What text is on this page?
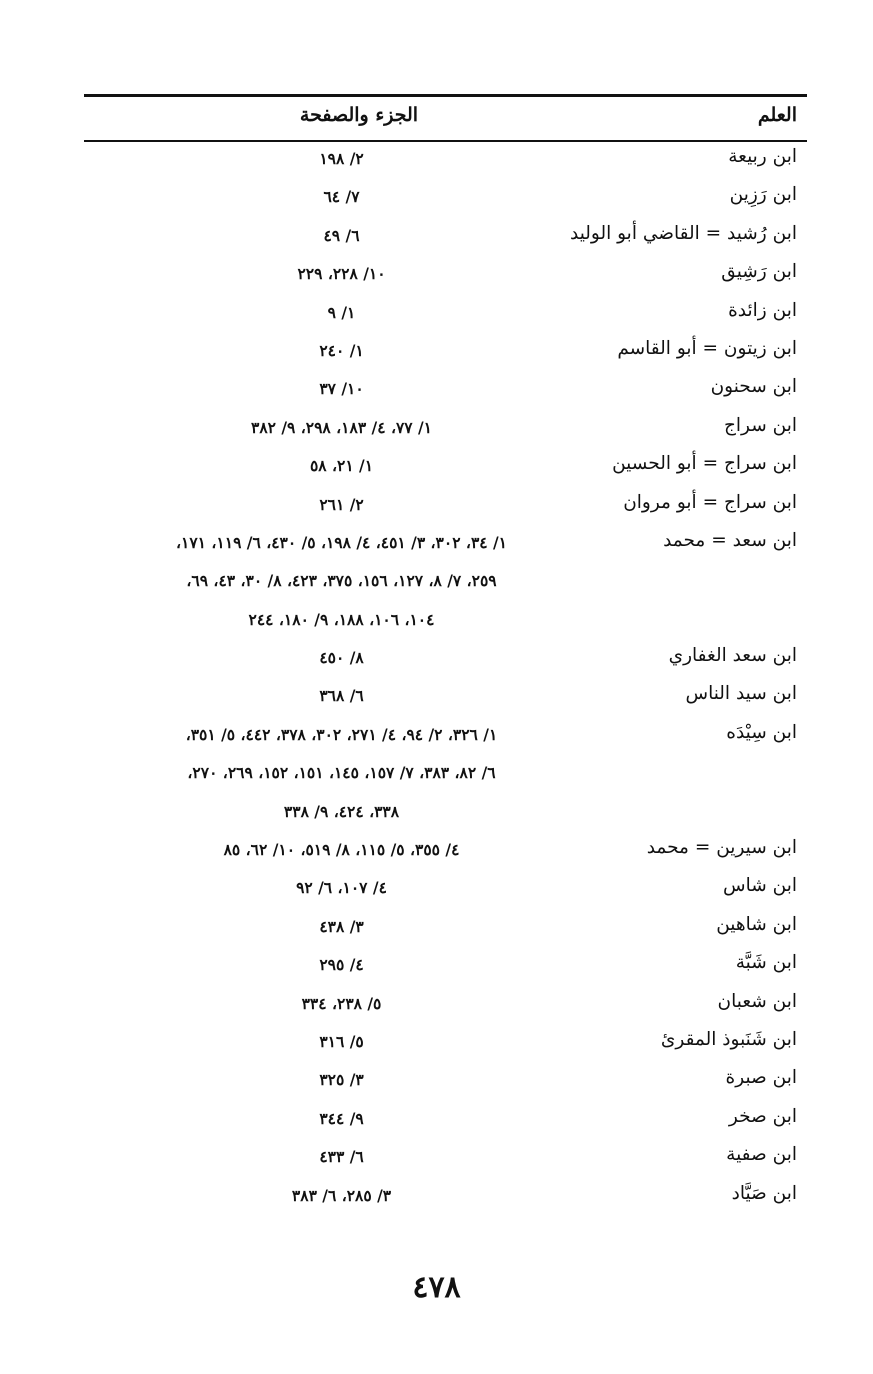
العلم
الجزء والصفحة
ابن ربيعة
٢/ ١٩٨
ابن رَزِين
٧/ ٦٤
ابن رُشيد = القاضي أبو الوليد
٦/ ٤٩
ابن رَشِيق
١٠/ ٢٢٨، ٢٢٩
ابن زائدة
١/ ٩
ابن زيتون = أبو القاسم
١/ ٢٤٠
ابن سحنون
١٠/ ٣٧
ابن سراج
١/ ٧٧، ٤/ ١٨٣، ٢٩٨، ٩/ ٣٨٢
ابن سراج = أبو الحسين
١/ ٢١، ٥٨
ابن سراج = أبو مروان
٢/ ٢٦١
ابن سعد = محمد
١/ ٣٤، ٣٠٢، ٣/ ٤٥١، ٤/ ١٩٨، ٥/ ٤٣٠، ٦/ ١١٩، ١٧١،
٢٥٩، ٧/ ٨، ١٢٧، ١٥٦، ٣٧٥، ٤٢٣، ٨/ ٣٠، ٤٣، ٦٩،
١٠٤، ١٠٦، ١٨٨، ٩/ ١٨٠، ٢٤٤
ابن سعد الغفاري
٨/ ٤٥٠
ابن سيد الناس
٦/ ٣٦٨
ابن سِيْدَه
١/ ٣٢٦، ٢/ ٩٤، ٤/ ٢٧١، ٣٠٢، ٣٧٨، ٤٤٢، ٥/ ٣٥١،
٦/ ٨٢، ٣٨٣، ٧/ ١٥٧، ١٤٥، ١٥١، ١٥٢، ٢٦٩، ٢٧٠،
٣٣٨، ٤٢٤، ٩/ ٣٣٨
ابن سيرين = محمد
٤/ ٣٥٥، ٥/ ١١٥، ٨/ ٥١٩، ١٠/ ٦٢، ٨٥
ابن شاس
٤/ ١٠٧، ٦/ ٩٢
ابن شاهين
٣/ ٤٣٨
ابن شَبَّة
٤/ ٢٩٥
ابن شعبان
٥/ ٢٣٨، ٣٣٤
ابن شَنَبوذ المقرئ
٥/ ٣١٦
ابن صبرة
٣/ ٣٢٥
ابن صخر
٩/ ٣٤٤
ابن صفية
٦/ ٤٣٣
ابن صَيَّاد
٣/ ٢٨٥، ٦/ ٣٨٣
٤٧٨
